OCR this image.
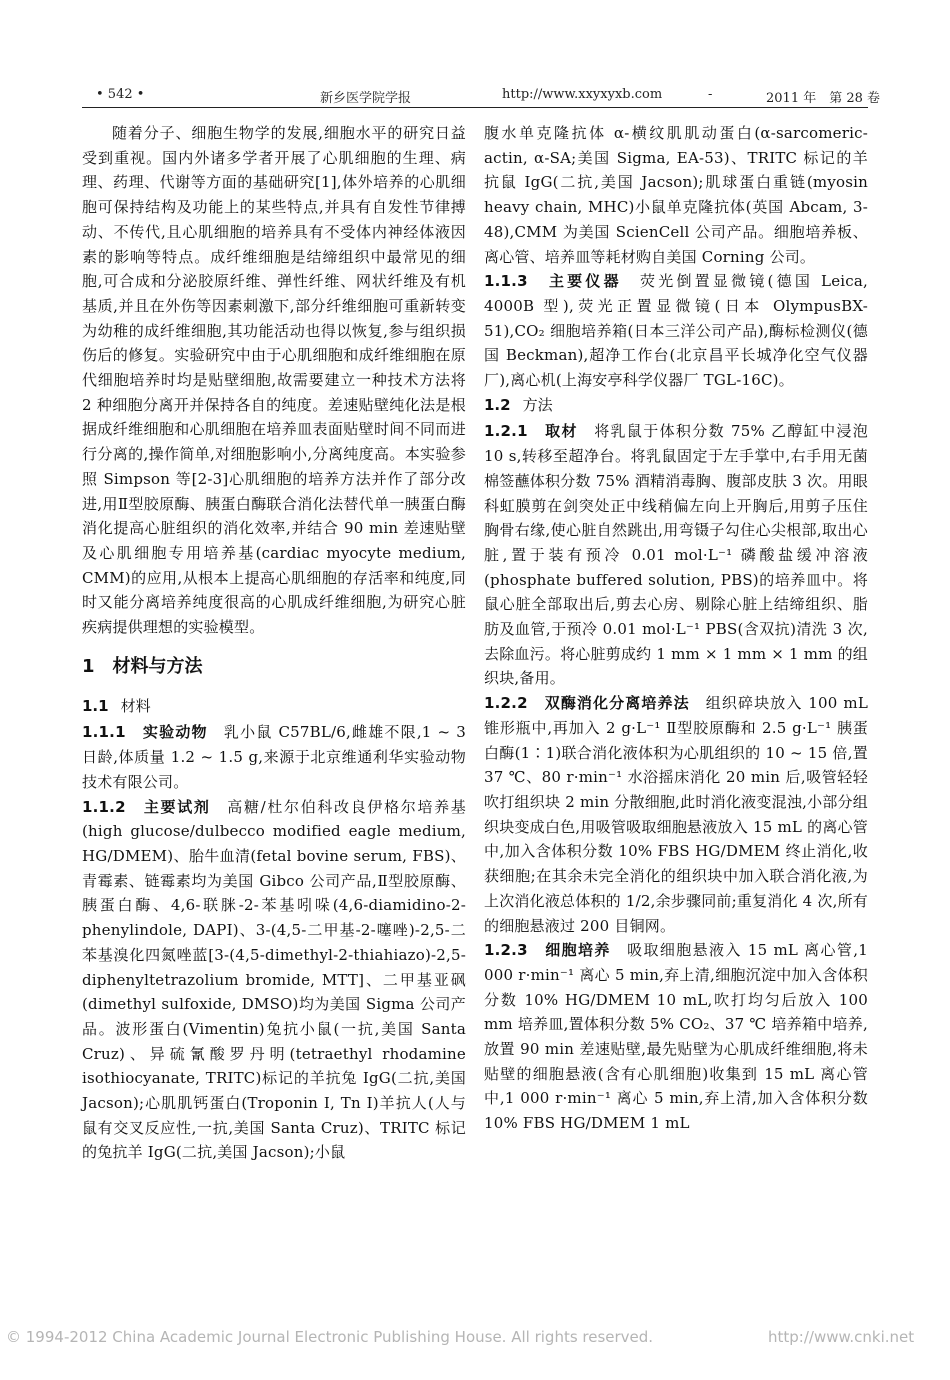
• 542 •	新乡医学院学报	http://www.xxyxyxb.com	-	2011 年　第 28 卷

随着分子、细胞生物学的发展,细胞水平的研究日益受到重视。国内外诸多学者开展了心肌细胞的生理、病理、药理、代谢等方面的基础研究[1],体外培养的心肌细胞可保持结构及功能上的某些特点,并具有自发性节律搏动、不传代,且心肌细胞的培养具有不受体内神经体液因素的影响等特点。成纤维细胞是结缔组织中最常见的细胞,可合成和分泌胶原纤维、弹性纤维、网状纤维及有机基质,并且在外伤等因素刺激下,部分纤维细胞可重新转变为幼稚的成纤维细胞,其功能活动也得以恢复,参与组织损伤后的修复。实验研究中由于心肌细胞和成纤维细胞在原代细胞培养时均是贴壁细胞,故需要建立一种技术方法将 2 种细胞分离开并保持各自的纯度。差速贴壁纯化法是根据成纤维细胞和心肌细胞在培养皿表面贴壁时间不同而进行分离的,操作简单,对细胞影响小,分离纯度高。本实验参照 Simpson 等[2-3]心肌细胞的培养方法并作了部分改进,用Ⅱ型胶原酶、胰蛋白酶联合消化法替代单一胰蛋白酶消化提高心脏组织的消化效率,并结合 90 min 差速贴壁及心肌细胞专用培养基(cardiac myocyte medium, CMM)的应用,从根本上提高心肌细胞的存活率和纯度,同时又能分离培养纯度很高的心肌成纤维细胞,为研究心脏疾病提供理想的实验模型。

1 材料与方法
1.1 材料

1.1.1　实验动物　 乳小鼠 C57BL/6,雌雄不限,1 ~ 3 日龄,体质量 1.2 ~ 1.5 g,来源于北京维通利华实验动物技术有限公司。

1.1.2　主要试剂　 高糖/杜尔伯科改良伊格尔培养基(high glucose/dulbecco modified eagle medium, HG/DMEM)、胎牛血清(fetal bovine serum, FBS)、青霉素、链霉素均为美国 Gibco 公司产品,Ⅱ型胶原酶、胰蛋白酶、4,6-联脒-2-苯基吲哚(4,6-diamidino-2-phenylindole, DAPI)、3-(4,5-二甲基-2-噻唑)-2,5-二苯基溴化四氮唑蓝[3-(4,5-dimethyl-2-thiahiazo)-2,5-diphenyltetrazolium bromide, MTT]、二甲基亚砜(dimethyl sulfoxide, DMSO)均为美国 Sigma 公司产品。波形蛋白(Vimentin)兔抗小鼠(一抗,美国 Santa Cruz)、异硫氰酸罗丹明(tetraethyl rhodamine isothiocyanate, TRITC)标记的羊抗兔 IgG(二抗,美国 Jacson);心肌肌钙蛋白(Troponin I, Tn I)羊抗人(人与鼠有交叉反应性,一抗,美国 Santa Cruz)、TRITC 标记的兔抗羊 IgG(二抗,美国 Jacson);小鼠

腹水单克隆抗体 α-横纹肌肌动蛋白(α-sarcomeric-actin, α-SA;美国 Sigma, EA-53)、TRITC 标记的羊抗鼠 IgG(二抗,美国 Jacson);肌球蛋白重链(myosin heavy chain, MHC)小鼠单克隆抗体(英国 Abcam, 3-48),CMM 为美国 ScienCell 公司产品。细胞培养板、离心管、培养皿等耗材购自美国 Corning 公司。

1.1.3　主要仪器　 荧光倒置显微镜(德国 Leica, 4000B 型),荧光正置显微镜(日本 OlympusBX-51),CO₂ 细胞培养箱(日本三洋公司产品),酶标检测仪(德国 Beckman),超净工作台(北京昌平长城净化空气仪器厂),离心机(上海安亭科学仪器厂 TGL-16C)。

1.2 方法

1.2.1　取材　 将乳鼠于体积分数 75% 乙醇缸中浸泡 10 s,转移至超净台。将乳鼠固定于左手掌中,右手用无菌棉签蘸体积分数 75% 酒精消毒胸、腹部皮肤 3 次。用眼科虹膜剪在剑突处正中线稍偏左向上开胸后,用剪子压住胸骨右缘,使心脏自然跳出,用弯镊子勾住心尖根部,取出心脏,置于装有预冷 0.01 mol·L⁻¹ 磷酸盐缓冲溶液(phosphate buffered solution, PBS)的培养皿中。将鼠心脏全部取出后,剪去心房、剔除心脏上结缔组织、脂肪及血管,于预冷 0.01 mol·L⁻¹ PBS(含双抗)清洗 3 次,去除血污。将心脏剪成约 1 mm × 1 mm × 1 mm 的组织块,备用。

1.2.2　双酶消化分离培养法　 组织碎块放入 100 mL 锥形瓶中,再加入 2 g·L⁻¹ Ⅱ型胶原酶和 2.5 g·L⁻¹ 胰蛋白酶(1∶1)联合消化液体积为心肌组织的 10 ~ 15 倍,置 37 ℃、80 r·min⁻¹ 水浴摇床消化 20 min 后,吸管轻轻吹打组织块 2 min 分散细胞,此时消化液变混浊,小部分组织块变成白色,用吸管吸取细胞悬液放入 15 mL 的离心管中,加入含体积分数 10% FBS HG/DMEM 终止消化,收获细胞;在其余未完全消化的组织块中加入联合消化液,为上次消化液总体积的 1/2,余步骤同前;重复消化 4 次,所有的细胞悬液过 200 目铜网。

1.2.3　细胞培养　 吸取细胞悬液入 15 mL 离心管,1 000 r·min⁻¹ 离心 5 min,弃上清,细胞沉淀中加入含体积分数 10% HG/DMEM 10 mL,吹打均匀后放入 100 mm 培养皿,置体积分数 5% CO₂、37 ℃ 培养箱中培养,放置 90 min 差速贴壁,最先贴壁为心肌成纤维细胞,将未贴壁的细胞悬液(含有心肌细胞)收集到 15 mL 离心管中,1 000 r·min⁻¹ 离心 5 min,弃上清,加入含体积分数 10% FBS HG/DMEM 1 mL

© 1994-2012 China Academic Journal Electronic Publishing House. All rights reserved.	http://www.cnki.net
